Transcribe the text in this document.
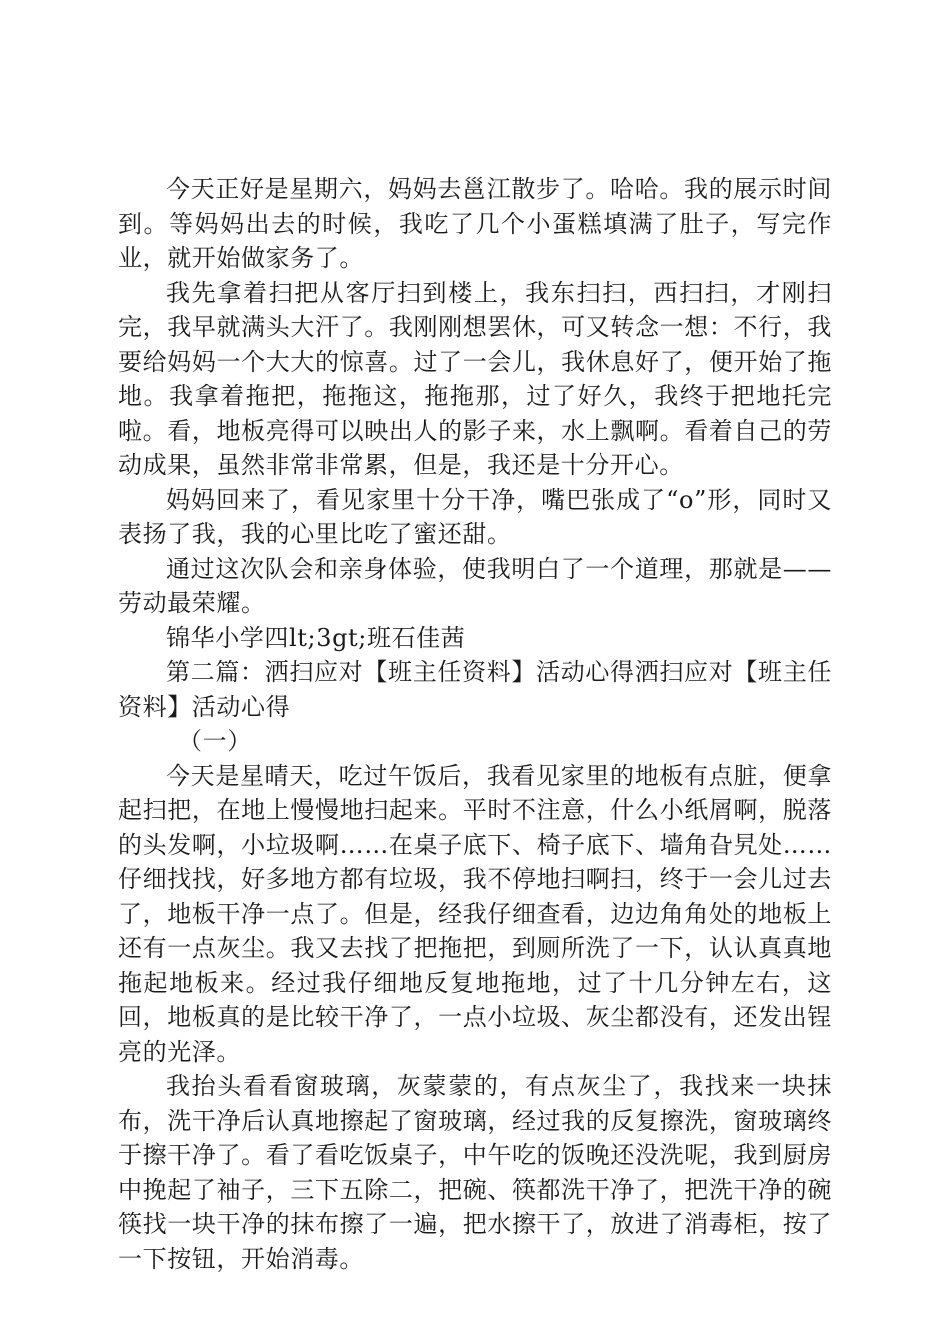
今天正好是星期六，妈妈去邕江散步了。哈哈。我的展示时间到。等妈妈出去的时候，我吃了几个小蛋糕填满了肚子，写完作业，就开始做家务了。

我先拿着扫把从客厅扫到楼上，我东扫扫，西扫扫，才刚扫完，我早就满头大汗了。我刚刚想罢休，可又转念一想：不行，我要给妈妈一个大大的惊喜。过了一会儿，我休息好了，便开始了拖地。我拿着拖把，拖拖这，拖拖那，过了好久，我终于把地托完啦。看，地板亮得可以映出人的影子来，水上飘啊。看着自己的劳动成果，虽然非常非常累，但是，我还是十分开心。

妈妈回来了，看见家里十分干净，嘴巴张成了“o”形，同时又表扬了我，我的心里比吃了蜜还甜。

通过这次队会和亲身体验，使我明白了一个道理，那就是——劳动最荣耀。

锦华小学四lt;3gt;班石佳茜

第二篇：洒扫应对【班主任资料】活动心得洒扫应对【班主任资料】活动心得

（一）

今天是星晴天，吃过午饭后，我看见家里的地板有点脏，便拿起扫把，在地上慢慢地扫起来。平时不注意，什么小纸屑啊，脱落的头发啊，小垃圾啊……在桌子底下、椅子底下、墙角旮旯处……仔细找找，好多地方都有垃圾，我不停地扫啊扫，终于一会儿过去了，地板干净一点了。但是，经我仔细查看，边边角角处的地板上还有一点灰尘。我又去找了把拖把，到厕所洗了一下，认认真真地拖起地板来。经过我仔细地反复地拖地，过了十几分钟左右，这回，地板真的是比较干净了，一点小垃圾、灰尘都没有，还发出锃亮的光泽。

我抬头看看窗玻璃，灰蒙蒙的，有点灰尘了，我找来一块抹布，洗干净后认真地擦起了窗玻璃，经过我的反复擦洗，窗玻璃终于擦干净了。看了看吃饭桌子，中午吃的饭晚还没洗呢，我到厨房中挽起了袖子，三下五除二，把碗、筷都洗干净了，把洗干净的碗筷找一块干净的抹布擦了一遍，把水擦干了，放进了消毒柜，按了一下按钮，开始消毒。
